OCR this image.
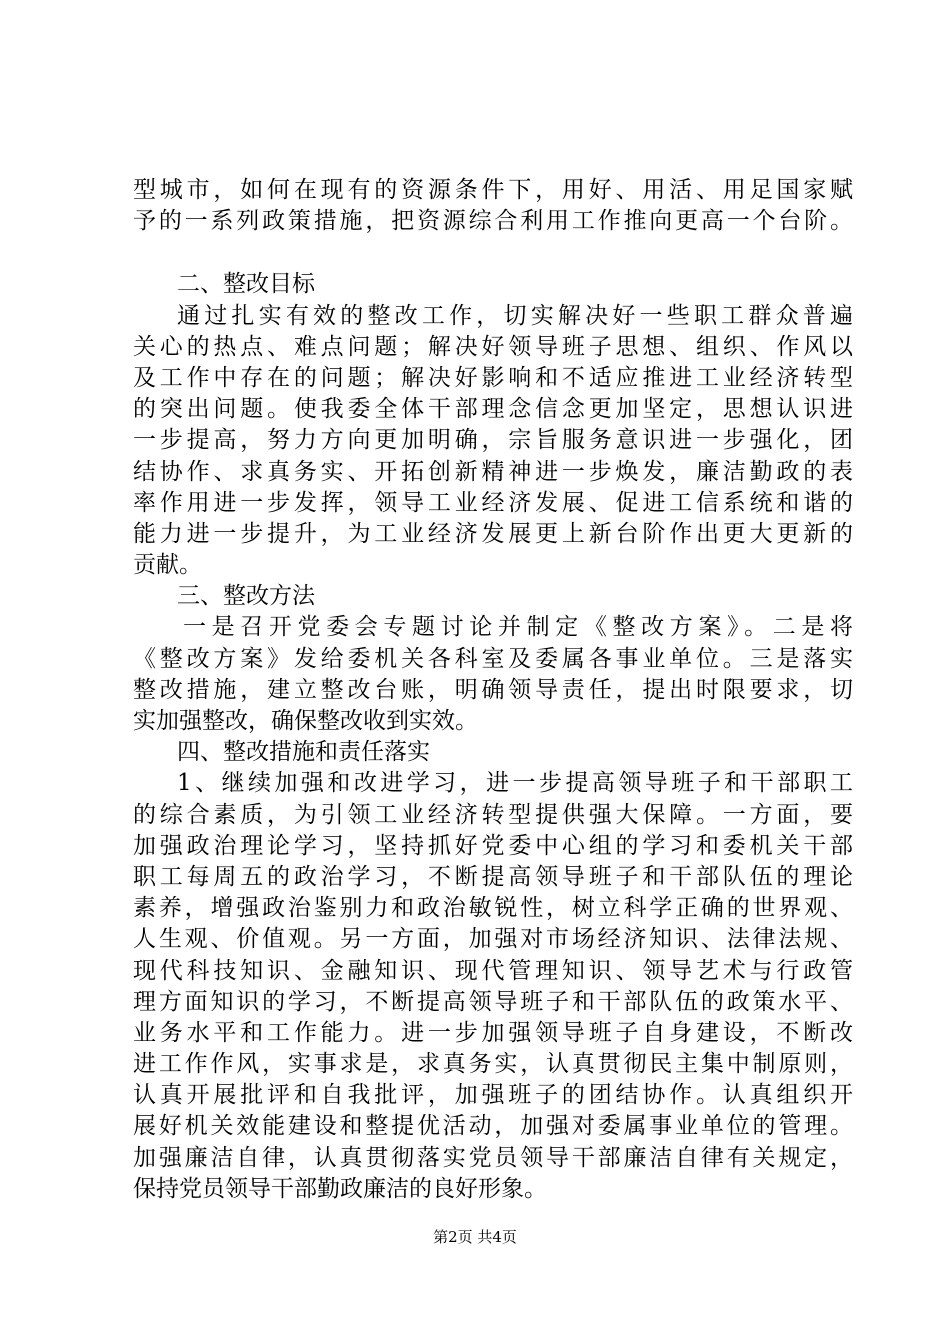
型城市，如何在现有的资源条件下，用好、用活、用足国家赋
予的一系列政策措施，把资源综合利用工作推向更高一个台阶。
二、整改目标
通过扎实有效的整改工作，切实解决好一些职工群众普遍
关心的热点、难点问题；解决好领导班子思想、组织、作风以
及工作中存在的问题；解决好影响和不适应推进工业经济转型
的突出问题。使我委全体干部理念信念更加坚定，思想认识进
一步提高，努力方向更加明确，宗旨服务意识进一步强化，团
结协作、求真务实、开拓创新精神进一步焕发，廉洁勤政的表
率作用进一步发挥，领导工业经济发展、促进工信系统和谐的
能力进一步提升，为工业经济发展更上新台阶作出更大更新的
贡献。
三、整改方法
一是召开党委会专题讨论并制定《整改方案》。二是将
《整改方案》发给委机关各科室及委属各事业单位。三是落实
整改措施，建立整改台账，明确领导责任，提出时限要求，切
实加强整改，确保整改收到实效。
四、整改措施和责任落实
1、继续加强和改进学习，进一步提高领导班子和干部职工
的综合素质，为引领工业经济转型提供强大保障。一方面，要
加强政治理论学习，坚持抓好党委中心组的学习和委机关干部
职工每周五的政治学习，不断提高领导班子和干部队伍的理论
素养，增强政治鉴别力和政治敏锐性，树立科学正确的世界观、
人生观、价值观。另一方面，加强对市场经济知识、法律法规、
现代科技知识、金融知识、现代管理知识、领导艺术与行政管
理方面知识的学习，不断提高领导班子和干部队伍的政策水平、
业务水平和工作能力。进一步加强领导班子自身建设，不断改
进工作作风，实事求是，求真务实，认真贯彻民主集中制原则，
认真开展批评和自我批评，加强班子的团结协作。认真组织开
展好机关效能建设和整提优活动，加强对委属事业单位的管理。
加强廉洁自律，认真贯彻落实党员领导干部廉洁自律有关规定，
保持党员领导干部勤政廉洁的良好形象。
第2页 共4页
